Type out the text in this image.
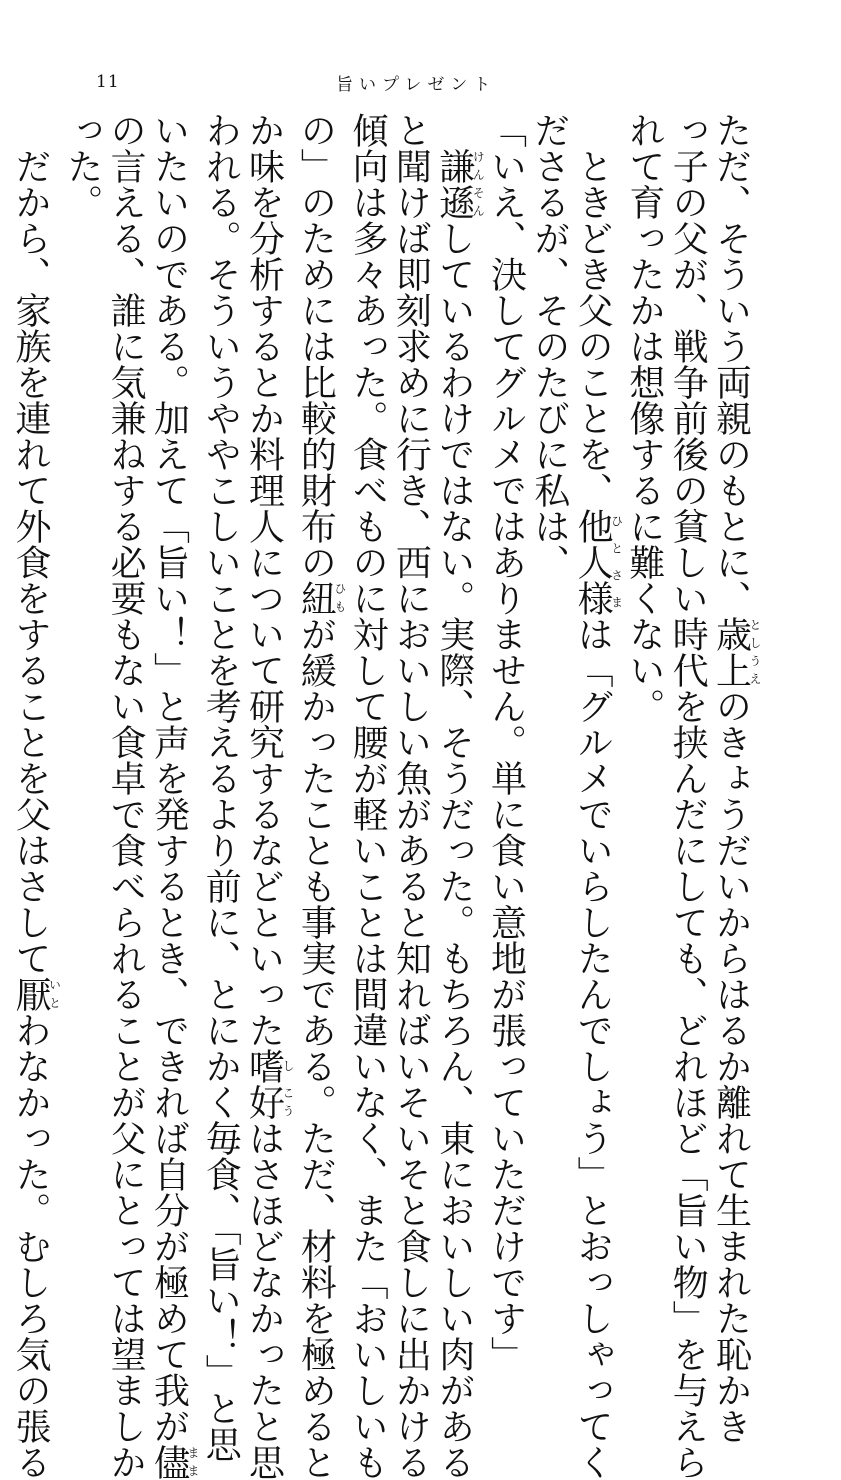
11	旨いプレゼント
ただ、そういう両親のもとに、歳上としうえのきょうだいからはるか離れて生まれた恥かき
っ子の父が、戦争前後の貧しい時代を挟んだにしても、どれほど「旨い物」を与えら
れて育ったかは想像するに難くない。
　ときどき父のことを、他人様ひとさまは「グルメでいらしたんでしょう」とおっしゃってく
ださるが、そのたびに私は、
「いえ、決してグルメではありません。単に食い意地が張っていただけです」
　謙遜けんそんしているわけではない。実際、そうだった。もちろん、東においしい肉がある
と聞けば即刻求めに行き、西においしい魚があると知ればいそいそと食しに出かける
傾向は多々あった。食べものに対して腰が軽いことは間違いなく、また「おいしいも
の」のためには比較的財布の紐ひもが緩かったことも事実である。ただ、材料を極めると
か味を分析するとか料理人について研究するなどといった嗜し好こうはさほどなかったと思
われる。そういうややこしいことを考えるより前に、とにかく毎食、「旨い！」と思
いたいのである。加えて「旨い！」と声を発するとき、できれば自分が極めて我が儘まま
の言える、誰に気兼ねする必要もない食卓で食べられることが父にとっては望ましか
った。
　だから、家族を連れて外食をすることを父はさして厭いとわなかった。むしろ気の張る
